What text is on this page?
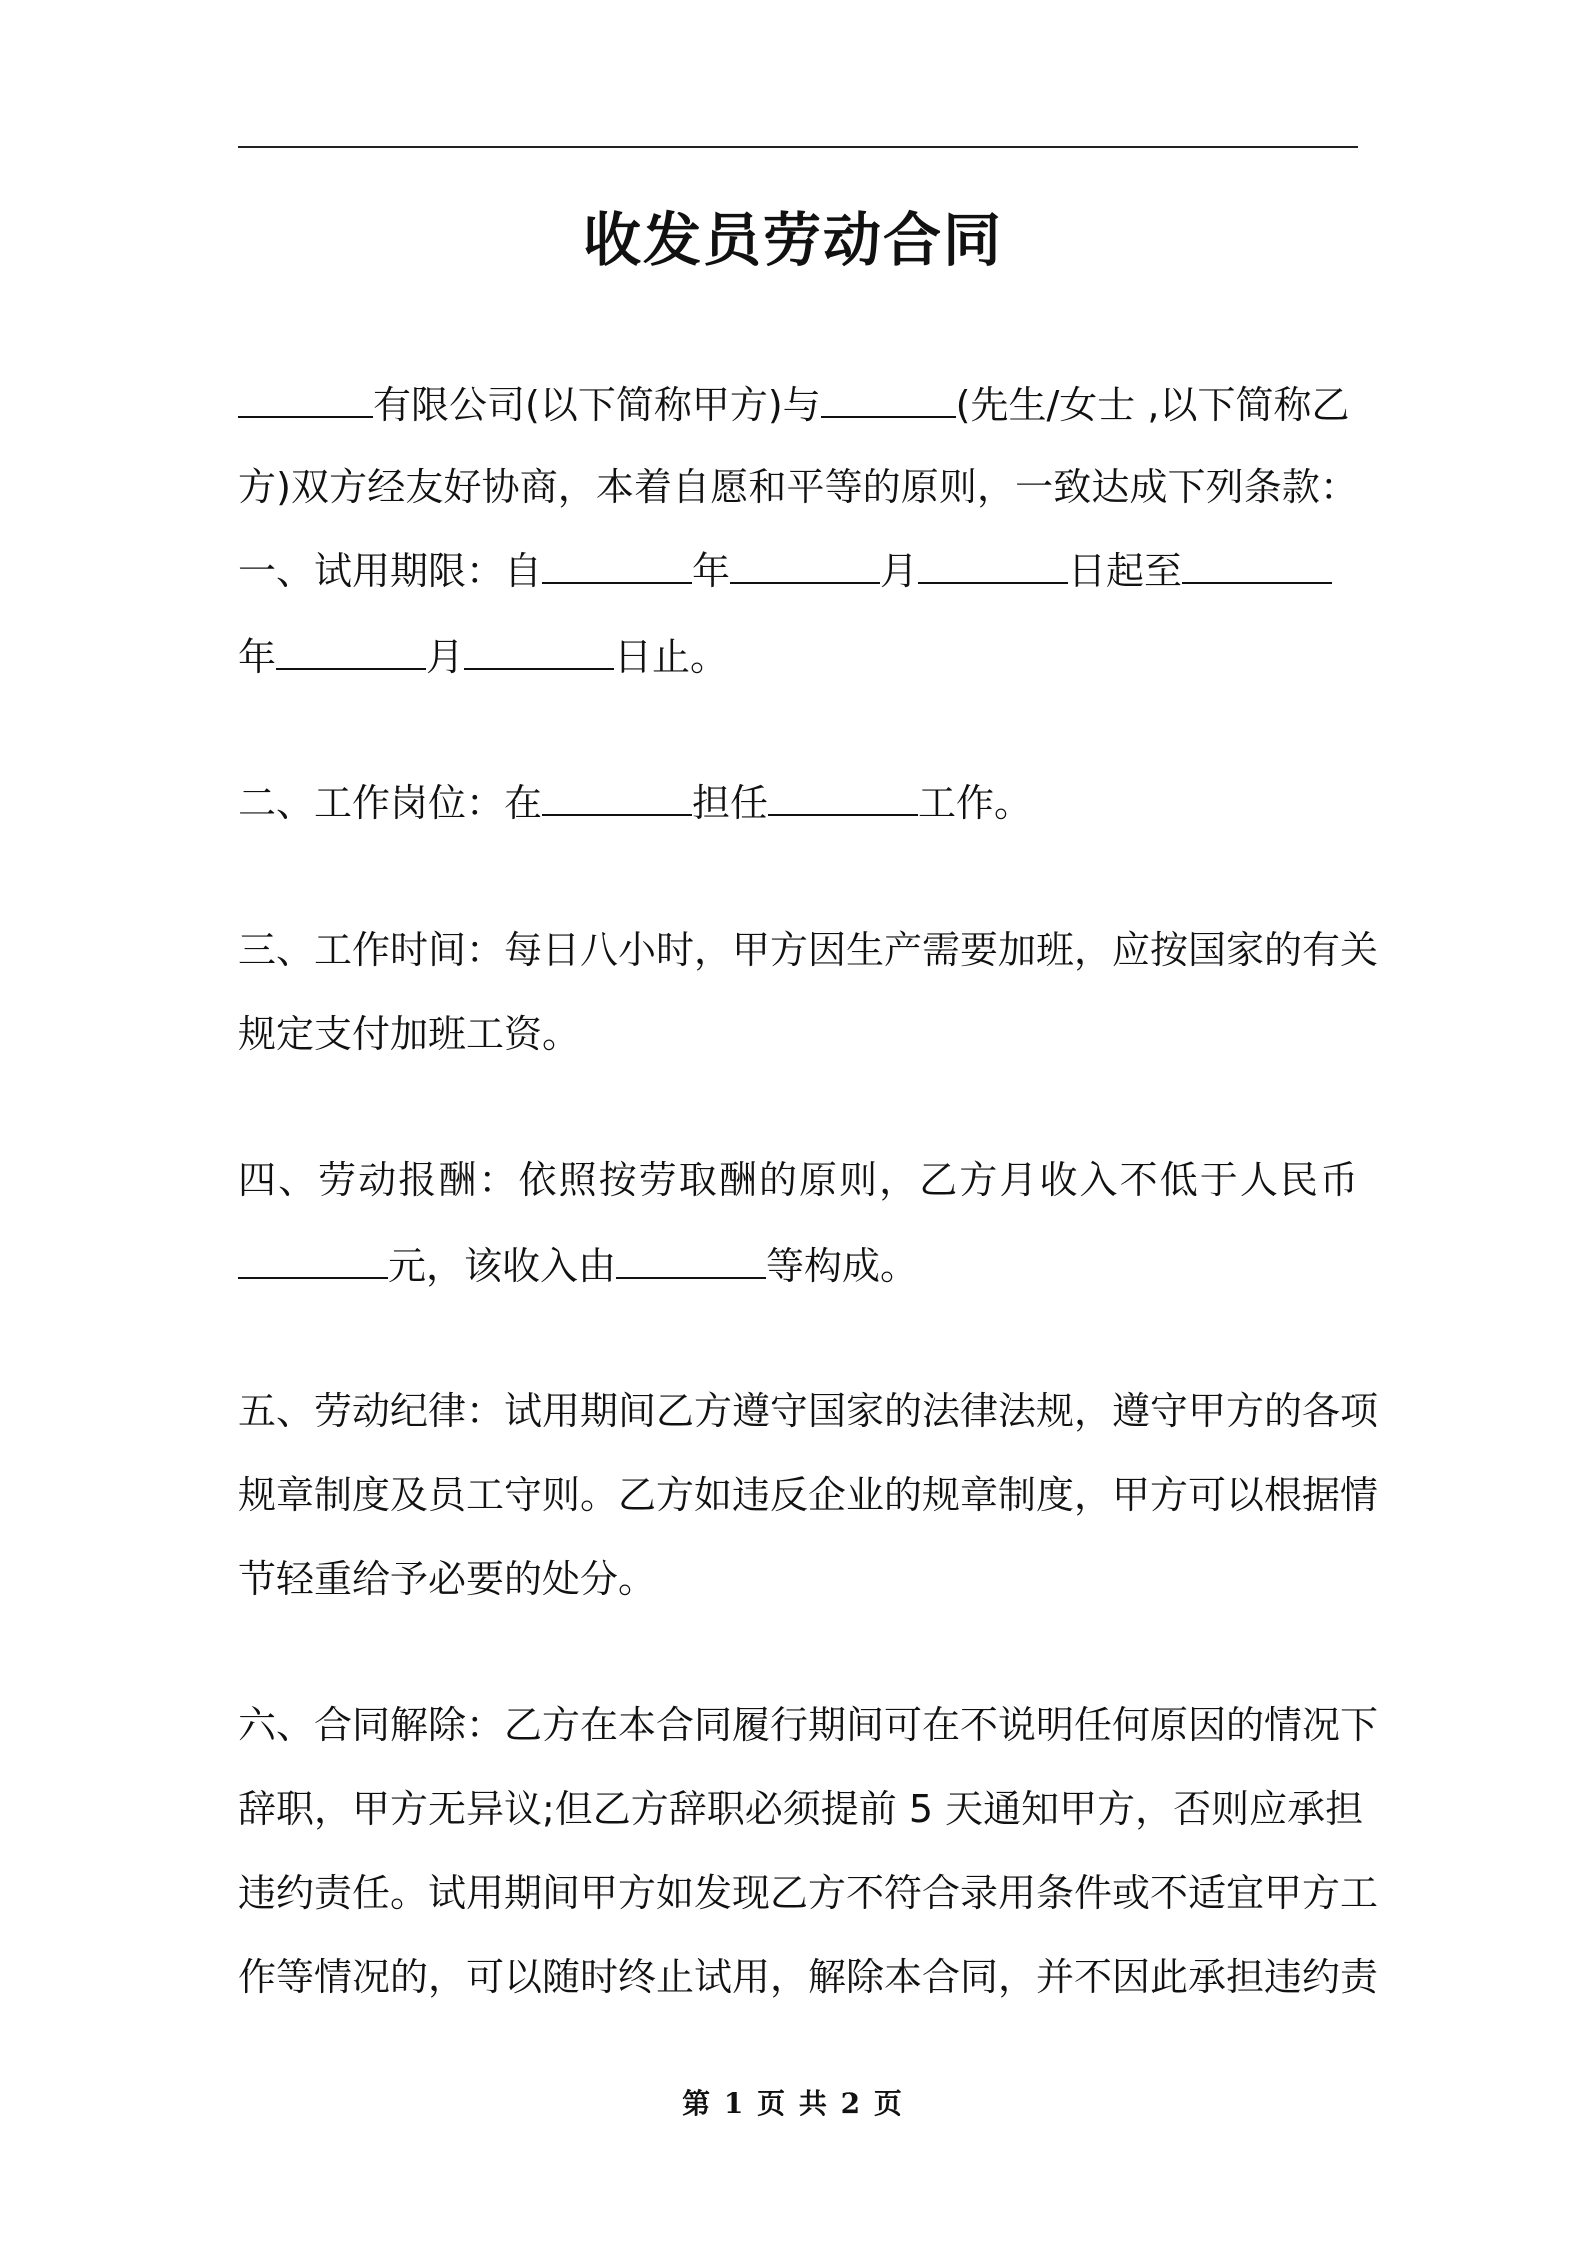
收发员劳动合同
有限公司(以下简称甲方)与	(先生/女士 ,以下简称乙
方)双方经友好协商，本着自愿和平等的原则，一致达成下列条款：
一、试用期限：自	年	月	日起至
年	月	日止。
二、工作岗位：在	担任	工作。
三、工作时间：每日八小时，甲方因生产需要加班，应按国家的有关
规定支付加班工资。
四、劳动报酬：依照按劳取酬的原则，乙方月收入不低于人民币
元，该收入由	等构成。
五、劳动纪律：试用期间乙方遵守国家的法律法规，遵守甲方的各项
规章制度及员工守则。乙方如违反企业的规章制度，甲方可以根据情
节轻重给予必要的处分。
六、合同解除：乙方在本合同履行期间可在不说明任何原因的情况下
辞职，甲方无异议;但乙方辞职必须提前 5 天通知甲方，否则应承担
违约责任。试用期间甲方如发现乙方不符合录用条件或不适宜甲方工
作等情况的，可以随时终止试用，解除本合同，并不因此承担违约责
第 1 页 共 2 页
